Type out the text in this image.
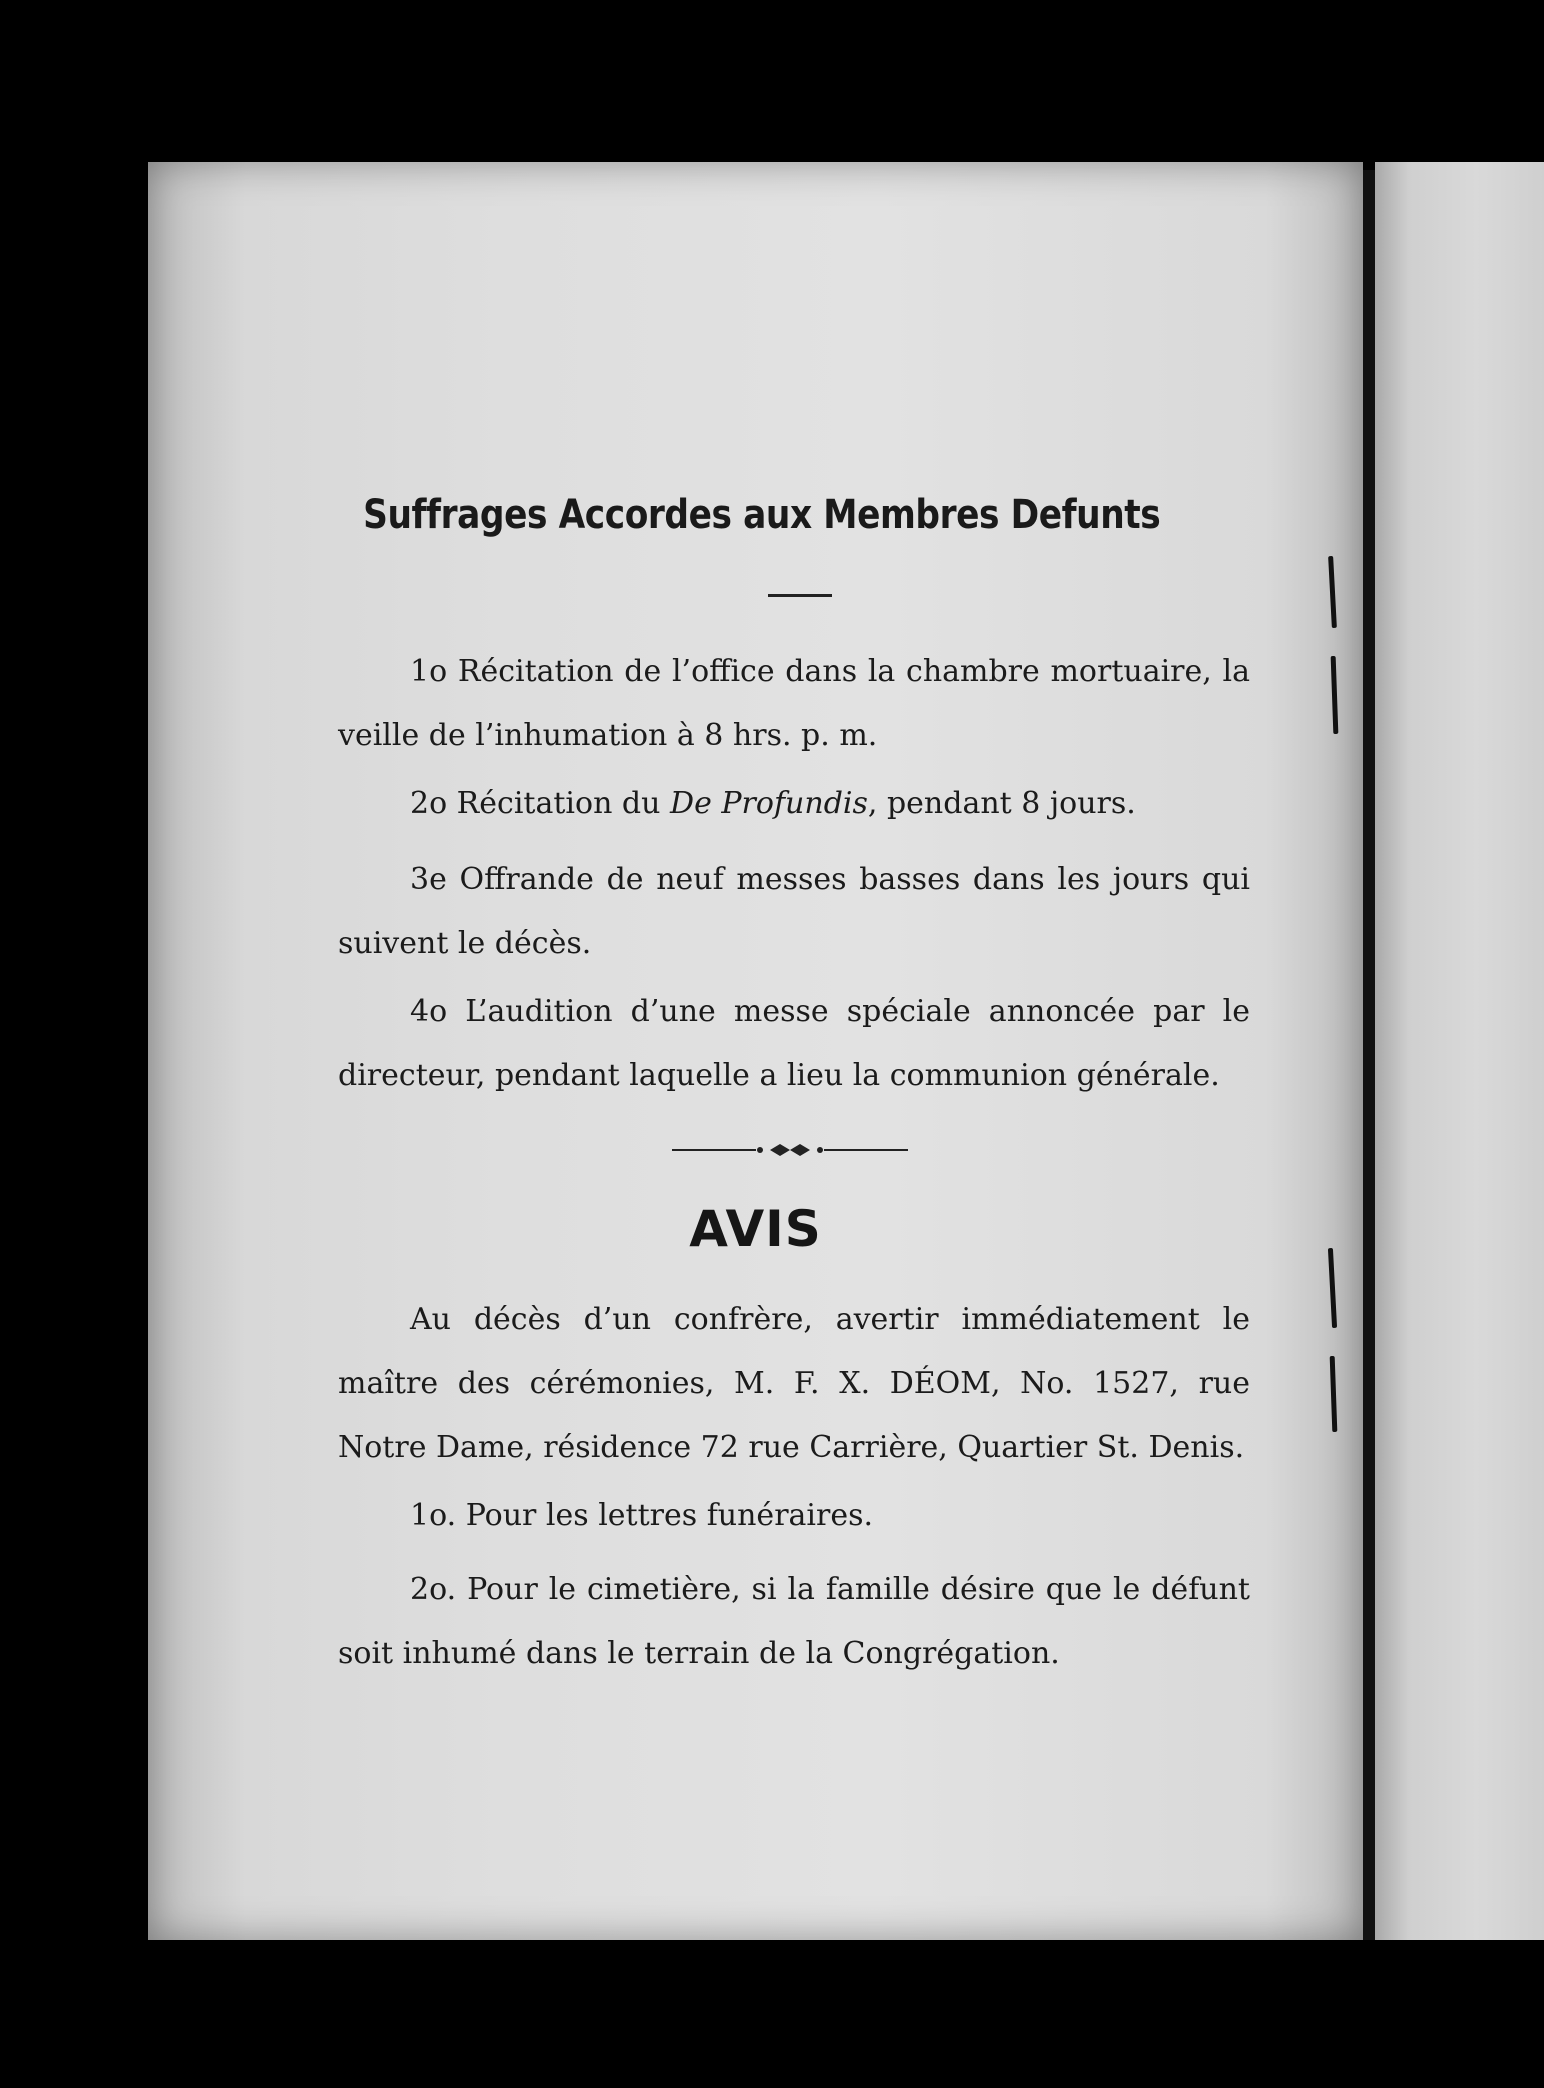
Suffrages Accordes aux Membres Defunts

1o Récitation de l’office dans la chambre mortuaire, la veille de l’inhumation à 8 hrs. p. m.

2o Récitation du De Profundis, pendant 8 jours.

3e Offrande de neuf messes basses dans les jours qui suivent le décès.

4o L’audition d’une messe spéciale annoncée par le directeur, pendant laquelle a lieu la communion générale.

AVIS

Au décès d’un confrère, avertir immédiatement le maître des cérémonies, M. F. X. DÉOM, No. 1527, rue Notre Dame, résidence 72 rue Carrière, Quartier St. Denis.

1o. Pour les lettres funéraires.

2o. Pour le cimetière, si la famille désire que le défunt soit inhumé dans le terrain de la Congrégation.
